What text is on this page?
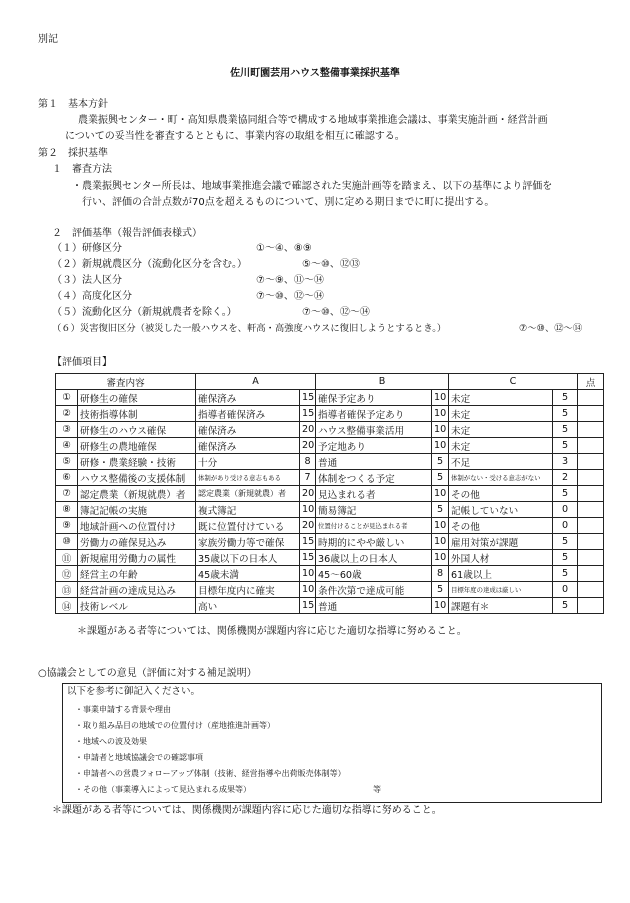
別記
佐川町園芸用ハウス整備事業採択基準
第１　基本方針
農業振興センター・町・高知県農業協同組合等で構成する地域事業推進会議は、事業実施計画・経営計画
についての妥当性を審査するとともに、事業内容の取組を相互に確認する。
第２　採択基準
１　審査方法
・農業振興センター所長は、地域事業推進会議で確認された実施計画等を踏まえ、以下の基準により評価を
行い、評価の合計点数が70点を超えるものについて、別に定める期日までに町に提出する。
２　評価基準（報告評価表様式）
（１）研修区分	①～④、⑧⑨
（２）新規就農区分（流動化区分を含む。）	⑤～⑩、⑫⑬
（３）法人区分	⑦～⑨、⑪～⑭
（４）高度化区分	⑦～⑩、⑫～⑭
（５）流動化区分（新規就農者を除く。）	⑦～⑩、⑫～⑭
（６）災害復旧区分（被災した一般ハウスを、軒高・高強度ハウスに復旧しようとするとき。）	⑦～⑩、⑫～⑭
【評価項目】
審査内容		A		B		C		点
①	研修生の確保	確保済み	15	確保予定あり	10	未定	5	
②	技術指導体制	指導者確保済み	15	指導者確保予定あり	10	未定	5	
③	研修生のハウス確保	確保済み	20	ハウス整備事業活用	10	未定	5	
④	研修生の農地確保	確保済み	20	予定地あり	10	未定	5	
⑤	研修・農業経験・技術	十分	8	普通	5	不足	3	
⑥	ハウス整備後の支援体制	体制があり受ける意志もある	7	体制をつくる予定	5	体制がない・受ける意志がない	2	
⑦	認定農業（新規就農）者	認定農業（新規就農）者	20	見込まれる者	10	その他	5	
⑧	簿記記帳の実施	複式簿記	10	簡易簿記	5	記帳していない	0	
⑨	地域計画への位置付け	既に位置付けている	20	位置付けることが見込まれる者	10	その他	0	
⑩	労働力の確保見込み	家族労働力等で確保	15	時期的にやや厳しい	10	雇用対策が課題	5	
⑪	新規雇用労働力の属性	35歳以下の日本人	15	36歳以上の日本人	10	外国人材	5	
⑫	経営主の年齢	45歳未満	10	45～60歳	8	61歳以上	5	
⑬	経営計画の達成見込み	目標年度内に確実	10	条件次第で達成可能	5	目標年度の達成は厳しい	0	
⑭	技術レベル	高い	15	普通	10	課題有＊	5	
＊課題がある者等については、関係機関が課題内容に応じた適切な指導に努めること。
○協議会としての意見（評価に対する補足説明）
以下を参考に御記入ください。
・事業申請する背景や理由
・取り組み品目の地域での位置付け（産地推進計画等）
・地域への波及効果
・申請者と地域協議会での確認事項
・申請者への営農フォローアップ体制（技術、経営指導や出荷販売体制等）
・その他（事業導入によって見込まれる成果等）	等
＊課題がある者等については、関係機関が課題内容に応じた適切な指導に努めること。
